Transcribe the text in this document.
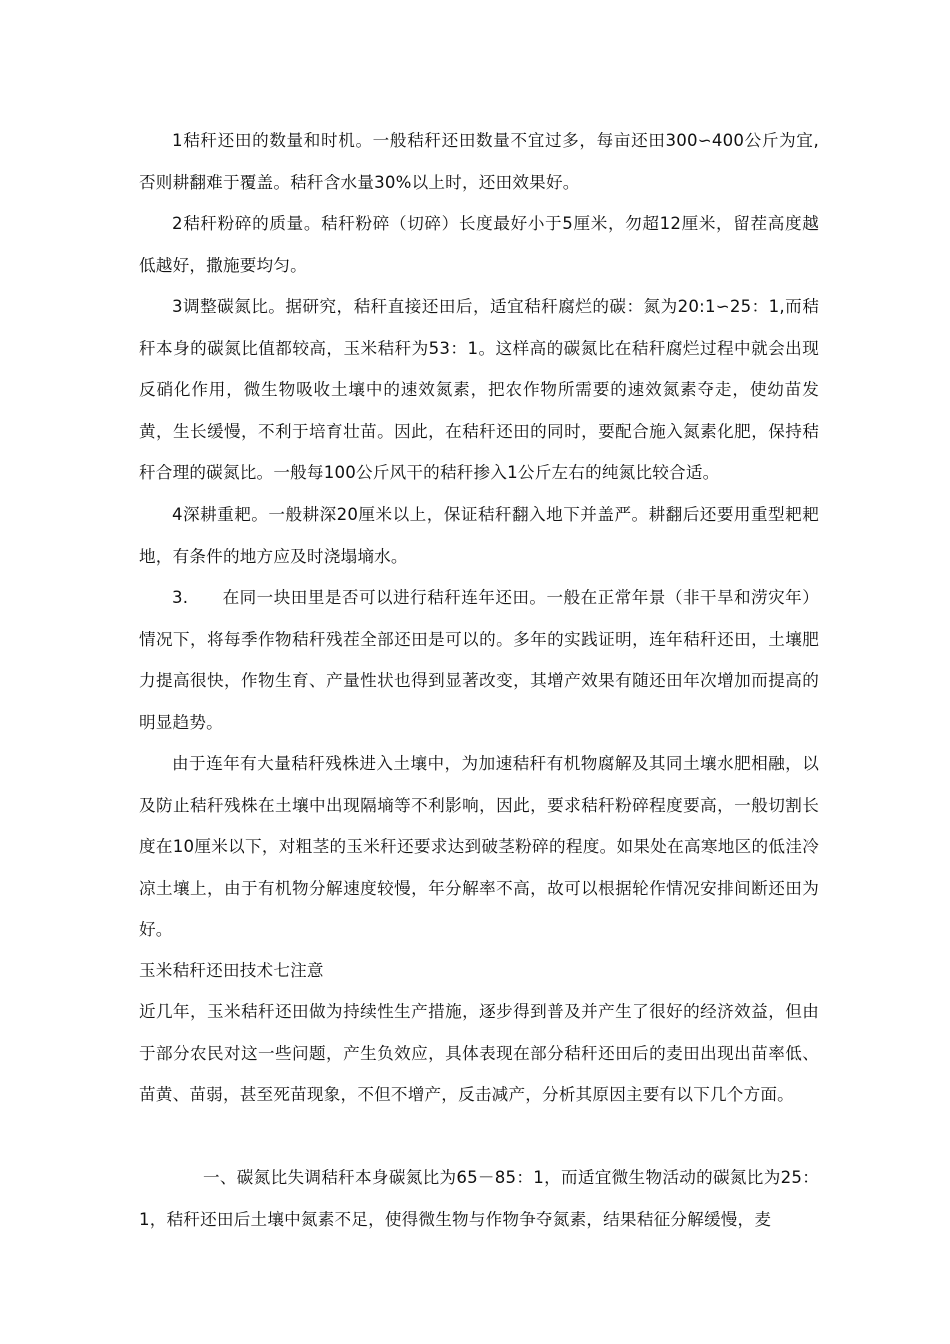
1秸秆还田的数量和时机。一般秸秆还田数量不宜过多，每亩还田300∽400公斤为宜,否则耕翻难于覆盖。秸秆含水量30%以上时，还田效果好。

2秸秆粉碎的质量。秸秆粉碎（切碎）长度最好小于5厘米，勿超12厘米，留茬高度越低越好，撒施要均匀。

3调整碳氮比。据研究，秸秆直接还田后，适宜秸秆腐烂的碳：氮为20:1∽25：1,而秸秆本身的碳氮比值都较高，玉米秸秆为53：1。这样高的碳氮比在秸秆腐烂过程中就会出现反硝化作用，微生物吸收土壤中的速效氮素，把农作物所需要的速效氮素夺走，使幼苗发黄，生长缓慢，不利于培育壮苗。因此，在秸秆还田的同时，要配合施入氮素化肥，保持秸秆合理的碳氮比。一般每100公斤风干的秸秆掺入1公斤左右的纯氮比较合适。

4深耕重耙。一般耕深20厘米以上，保证秸秆翻入地下并盖严。耕翻后还要用重型耙耙地，有条件的地方应及时浇塌墒水。

3.　　在同一块田里是否可以进行秸秆连年还田。一般在正常年景（非干旱和涝灾年）情况下，将每季作物秸秆残茬全部还田是可以的。多年的实践证明，连年秸秆还田，土壤肥力提高很快，作物生育、产量性状也得到显著改变，其增产效果有随还田年次增加而提高的明显趋势。

由于连年有大量秸秆残株进入土壤中，为加速秸秆有机物腐解及其同土壤水肥相融，以及防止秸秆残株在土壤中出现隔墒等不利影响，因此，要求秸秆粉碎程度要高，一般切割长度在10厘米以下，对粗茎的玉米秆还要求达到破茎粉碎的程度。如果处在高寒地区的低洼冷凉土壤上，由于有机物分解速度较慢，年分解率不高，故可以根据轮作情况安排间断还田为好。

玉米秸秆还田技术七注意

近几年，玉米秸秆还田做为持续性生产措施，逐步得到普及并产生了很好的经济效益，但由于部分农民对这一些问题，产生负效应，具体表现在部分秸秆还田后的麦田出现出苗率低、苗黄、苗弱，甚至死苗现象，不但不增产，反击减产，分析其原因主要有以下几个方面。

一、碳氮比失调秸秆本身碳氮比为65－85：1，而适宜微生物活动的碳氮比为25：1，秸秆还田后土壤中氮素不足，使得微生物与作物争夺氮素，结果秸征分解缓慢，麦
